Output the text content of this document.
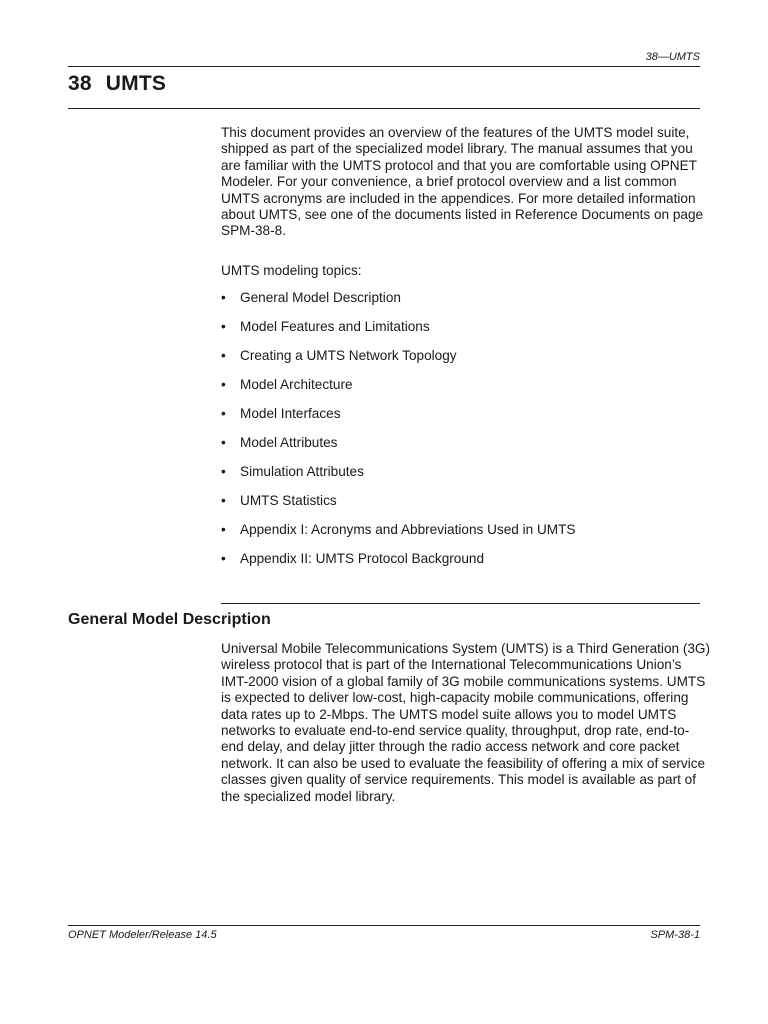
38—UMTS
38 UMTS

This document provides an overview of the features of the UMTS model suite, shipped as part of the specialized model library. The manual assumes that you are familiar with the UMTS protocol and that you are comfortable using OPNET Modeler. For your convenience, a brief protocol overview and a list common UMTS acronyms are included in the appendices. For more detailed information about UMTS, see one of the documents listed in Reference Documents on page SPM-38-8.

UMTS modeling topics:

• General Model Description
• Model Features and Limitations
• Creating a UMTS Network Topology
• Model Architecture
• Model Interfaces
• Model Attributes
• Simulation Attributes
• UMTS Statistics
• Appendix I: Acronyms and Abbreviations Used in UMTS
• Appendix II: UMTS Protocol Background
General Model Description

Universal Mobile Telecommunications System (UMTS) is a Third Generation (3G) wireless protocol that is part of the International Telecommunications Union’s IMT-2000 vision of a global family of 3G mobile communications systems. UMTS is expected to deliver low-cost, high-capacity mobile communications, offering data rates up to 2-Mbps. The UMTS model suite allows you to model UMTS networks to evaluate end-to-end service quality, throughput, drop rate, end-to-end delay, and delay jitter through the radio access network and core packet network. It can also be used to evaluate the feasibility of offering a mix of service classes given quality of service requirements. This model is available as part of the specialized model library.

OPNET Modeler/Release 14.5	SPM-38-1
